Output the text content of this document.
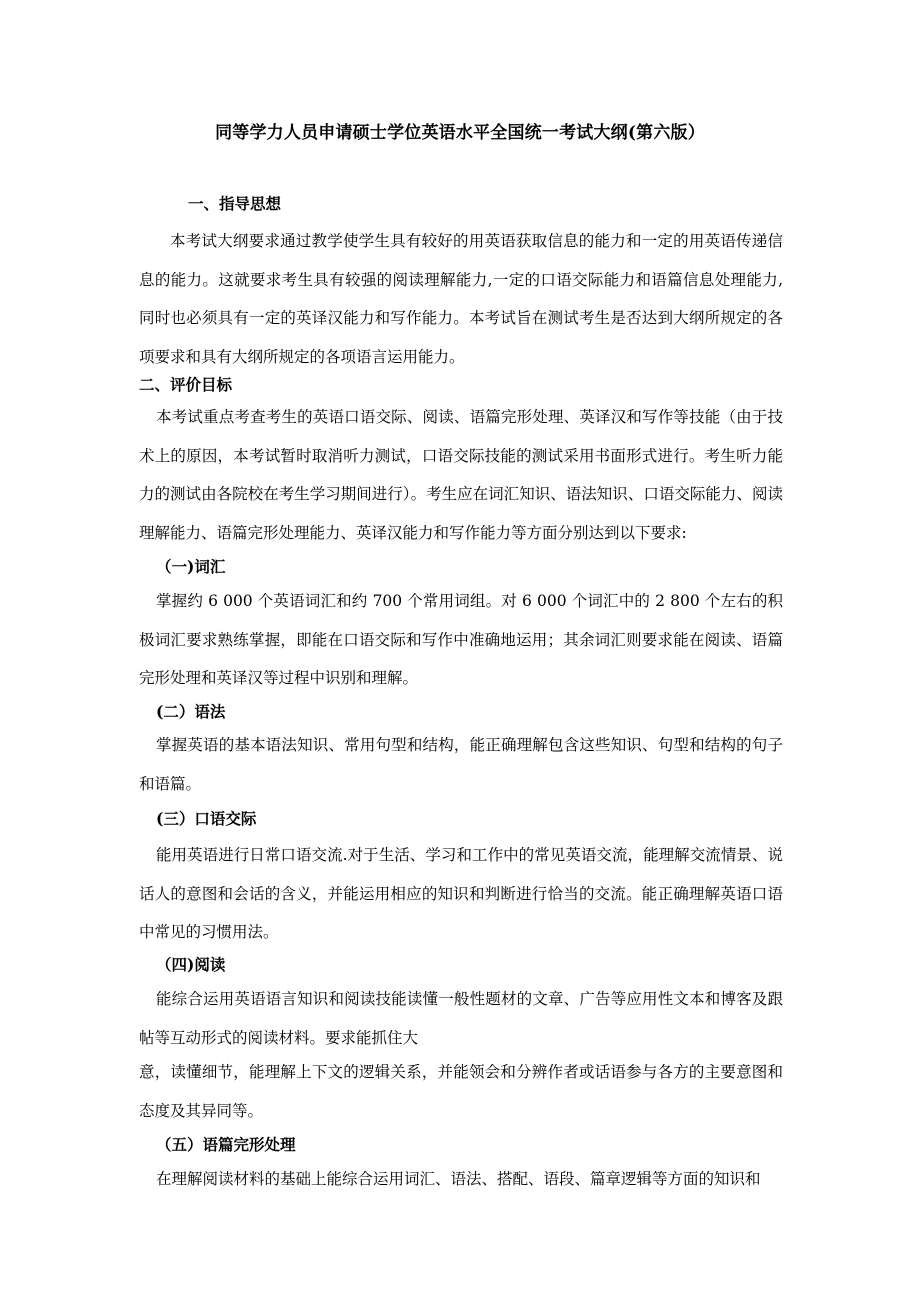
同等学力人员申请硕士学位英语水平全国统一考试大纲(第六版）
一、指导思想
本考试大纲要求通过教学使学生具有较好的用英语获取信息的能力和一定的用英语传递信息的能力。这就要求考生具有较强的阅读理解能力,一定的口语交际能力和语篇信息处理能力,同时也必须具有一定的英译汉能力和写作能力。本考试旨在测试考生是否达到大纲所规定的各项要求和具有大纲所规定的各项语言运用能力。
二、评价目标
本考试重点考查考生的英语口语交际、阅读、语篇完形处理、英译汉和写作等技能（由于技术上的原因，本考试暂时取消听力测试，口语交际技能的测试采用书面形式进行。考生听力能力的测试由各院校在考生学习期间进行）。考生应在词汇知识、语法知识、口语交际能力、阅读理解能力、语篇完形处理能力、英译汉能力和写作能力等方面分别达到以下要求:
（一)词汇
掌握约 6 000 个英语词汇和约 700 个常用词组。对 6 000 个词汇中的 2 800 个左右的积极词汇要求熟练掌握，即能在口语交际和写作中准确地运用；其余词汇则要求能在阅读、语篇完形处理和英译汉等过程中识别和理解。
(二）语法
掌握英语的基本语法知识、常用句型和结构，能正确理解包含这些知识、句型和结构的句子和语篇。
(三）口语交际
能用英语进行日常口语交流.对于生活、学习和工作中的常见英语交流，能理解交流情景、说话人的意图和会话的含义，并能运用相应的知识和判断进行恰当的交流。能正确理解英语口语中常见的习惯用法。
（四)阅读
能综合运用英语语言知识和阅读技能读懂一般性题材的文章、广告等应用性文本和博客及跟帖等互动形式的阅读材料。要求能抓住大
意，读懂细节，能理解上下文的逻辑关系，并能领会和分辨作者或话语参与各方的主要意图和态度及其异同等。
（五）语篇完形处理
在理解阅读材料的基础上能综合运用词汇、语法、搭配、语段、篇章逻辑等方面的知识和
